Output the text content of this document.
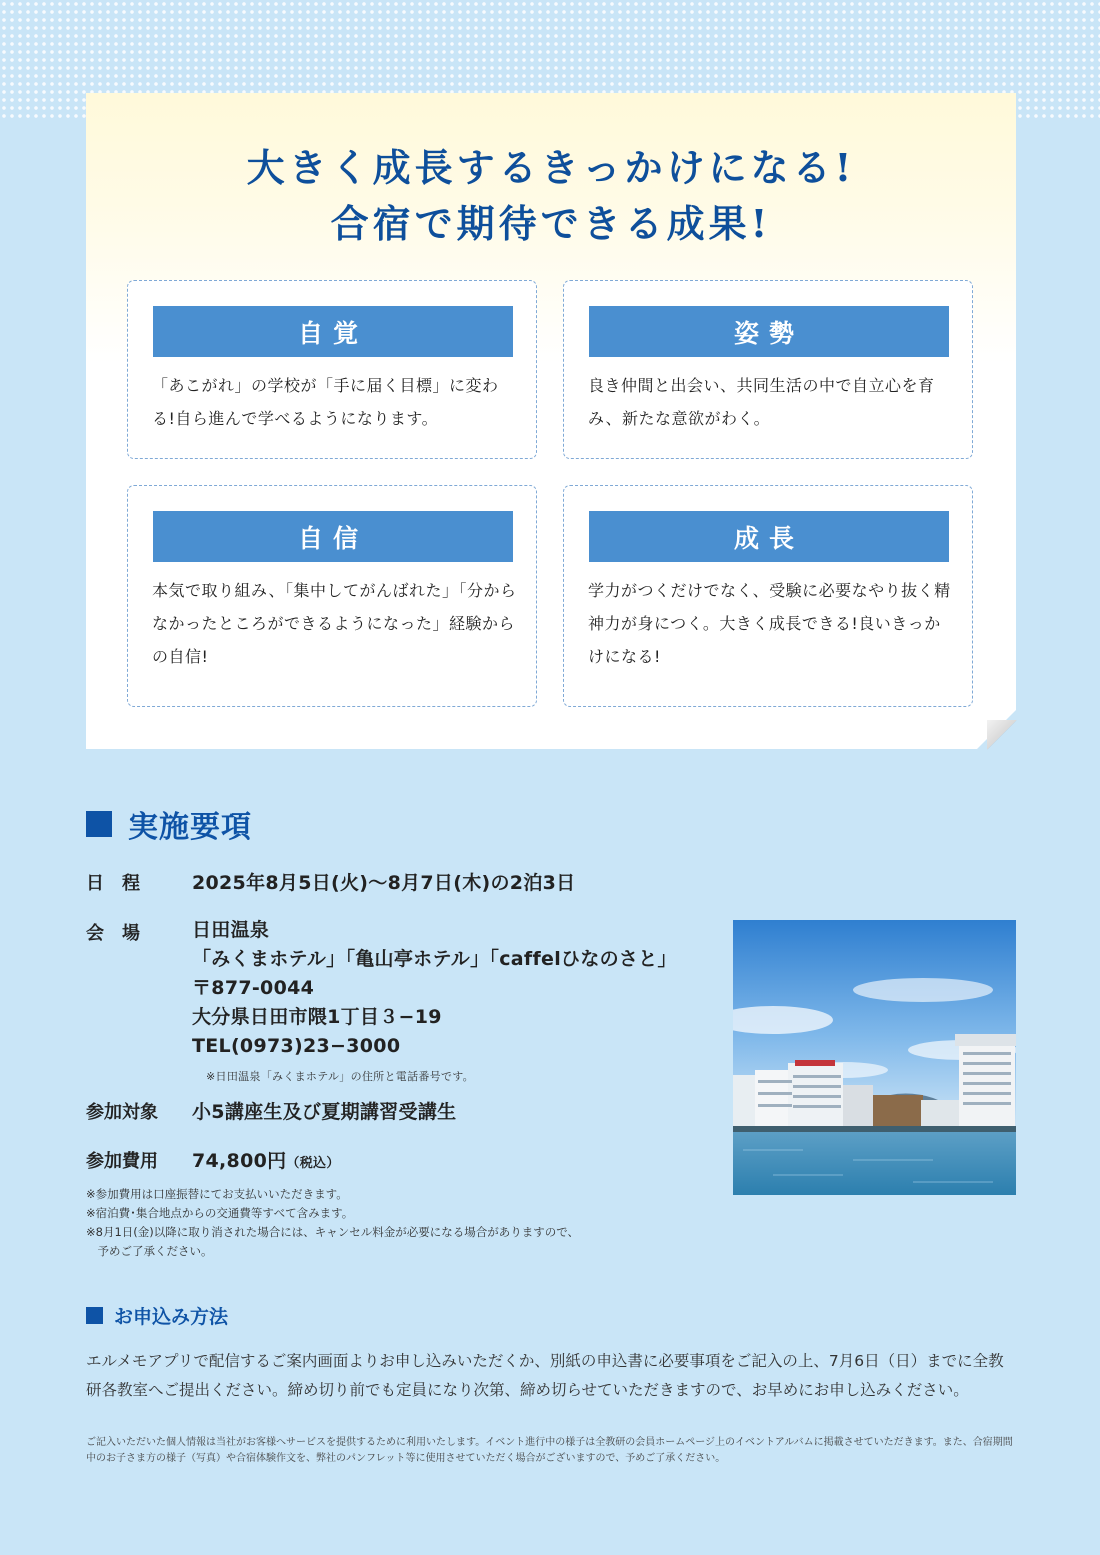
大きく成長するきっかけになる!
合宿で期待できる成果!
自覚
「あこがれ」の学校が「手に届く目標」に変わる!自ら進んで学べるようになります。
姿勢
良き仲間と出会い、共同生活の中で自立心を育み、新たな意欲がわく。
自信
本気で取り組み、「集中してがんばれた」「分からなかったところができるようになった」経験からの自信!
成長
学力がつくだけでなく、受験に必要なやり抜く精神力が身につく。大きく成長できる!良いきっかけになる!
実施要項
日　程	2025年8月5日(火)～8月7日(木)の2泊3日
会　場	日田温泉
「みくまホテル」「亀山亭ホテル」「caffelひなのさと」
〒877-0044
大分県日田市隈1丁目３−19
TEL(0973)23−3000
※日田温泉「みくまホテル」の住所と電話番号です。
参加対象 小5講座生及び夏期講習受講生
参加費用 74,800円（税込）
※参加費用は口座振替にてお支払いいただきます。
※宿泊費･集合地点からの交通費等すべて含みます。
※8月1日(金)以降に取り消された場合には、キャンセル料金が必要になる場合がありますので、
　予めご了承ください。
お申込み方法
エルメモアプリで配信するご案内画面よりお申し込みいただくか、別紙の申込書に必要事項をご記入の上、7月6日（日）までに全教研各教室へご提出ください。締め切り前でも定員になり次第、締め切らせていただきますので、お早めにお申し込みください。
ご記入いただいた個人情報は当社がお客様へサービスを提供するために利用いたします。イベント進行中の様子は全教研の会員ホームページ上のイベントアルバムに掲載させていただきます。また、合宿期間中のお子さま方の様子（写真）や合宿体験作文を、弊社のパンフレット等に使用させていただく場合がございますので、予めご了承ください。
